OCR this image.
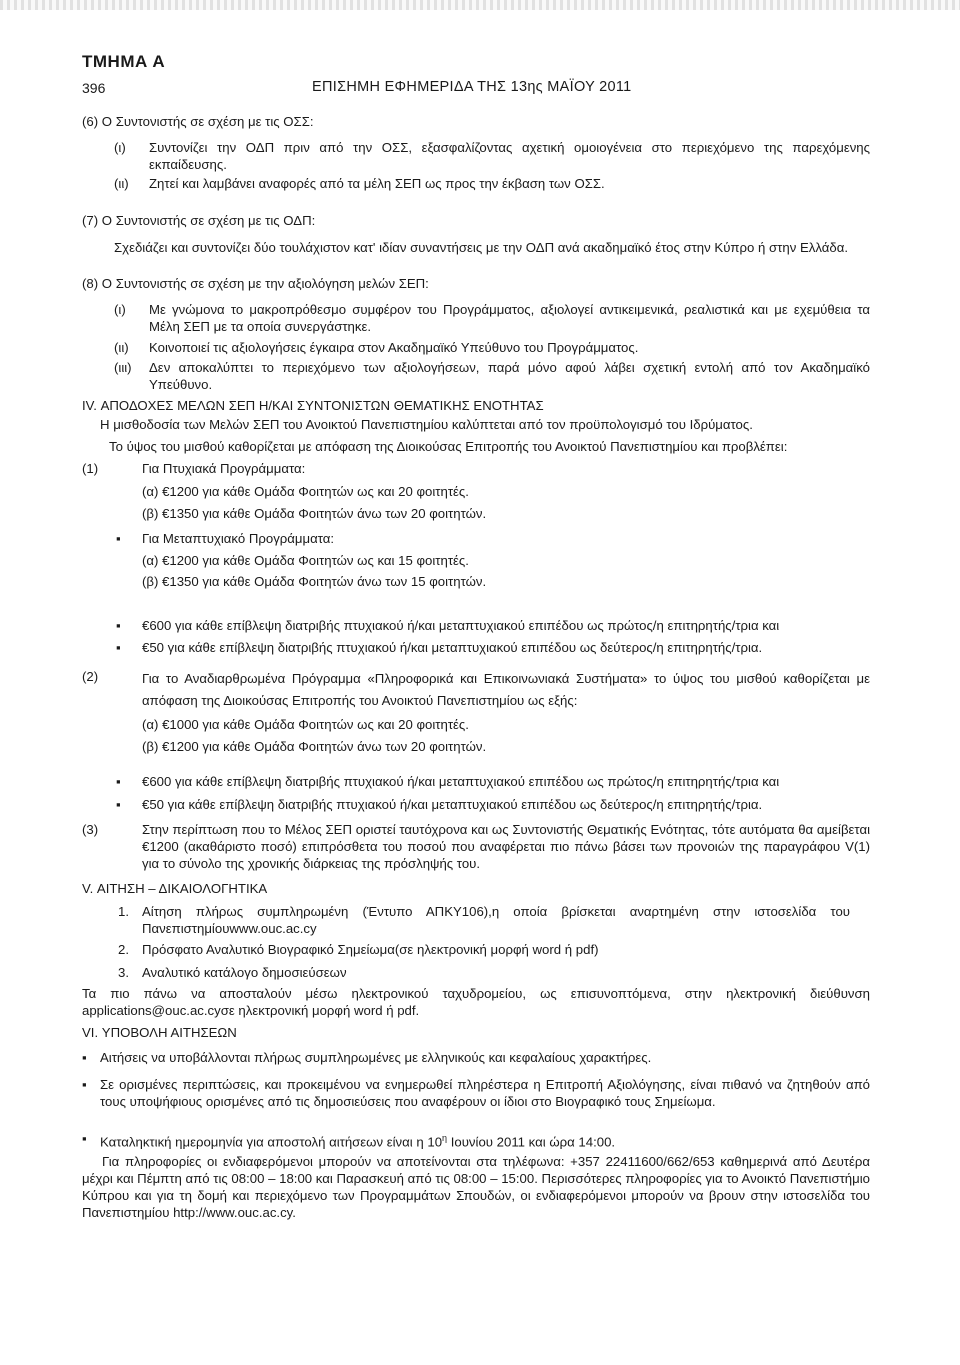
ΤΜΗΜΑ Α
396	ΕΠΙΣΗΜΗ ΕΦΗΜΕΡΙΔΑ ΤΗΣ 13ης ΜΑΪΟΥ 2011
(6) Ο Συντονιστής σε σχέση με τις ΟΣΣ:
(ι) Συντονίζει την ΟΔΠ πριν από την ΟΣΣ, εξασφαλίζοντας αχετική ομοιογένεια στο περιεχόμενο της παρεχόμενης εκπαίδευσης.
(ιι) Ζητεί και λαμβάνει αναφορές από τα μέλη ΣΕΠ ως προς την έκβαση των ΟΣΣ.
(7) Ο Συντονιστής σε σχέση με τις ΟΔΠ:
Σχεδιάζει και συντονίζει δύο τουλάχιστον κατ' ιδίαν συναντήσεις με την ΟΔΠ ανά ακαδημαϊκό έτος στην Κύπρο ή στην Ελλάδα.
(8) Ο Συντονιστής σε σχέση με την αξιολόγηση μελών ΣΕΠ:
(ι) Με γνώμονα το μακροπρόθεσμο συμφέρον του Προγράμματος, αξιολογεί αντικειμενικά, ρεαλιστικά και με εχεμύθεια τα Μέλη ΣΕΠ με τα οποία συνεργάστηκε.
(ιι) Κοινοποιεί τις αξιολογήσεις έγκαιρα στον Ακαδημαϊκό Υπεύθυνο του Προγράμματος.
(ιιι) Δεν αποκαλύπτει το περιεχόμενο των αξιολογήσεων, παρά μόνο αφού λάβει σχετική εντολή από τον Ακαδημαϊκό Υπεύθυνο.
IV. ΑΠΟΔΟΧΕΣ ΜΕΛΩΝ ΣΕΠ Η/ΚΑΙ ΣΥΝΤΟΝΙΣΤΩΝ ΘΕΜΑΤΙΚΗΣ ΕΝΟΤΗΤΑΣ
Η μισθοδοσία των Μελών ΣΕΠ του Ανοικτού Πανεπιστημίου καλύπτεται από τον προϋπολογισμό του Ιδρύματος.
Το ύψος του μισθού καθορίζεται με απόφαση της Διοικούσας Επιτροπής του Ανοικτού Πανεπιστημίου και προβλέπει:
(1)	Για Πτυχιακά Προγράμματα:
(α) €1200 για κάθε Ομάδα Φοιτητών ως και 20 φοιτητές.
(β) €1350 για κάθε Ομάδα Φοιτητών άνω των 20 φοιτητών.
▪ Για Μεταπτυχιακό Προγράμματα:
(α) €1200 για κάθε Ομάδα Φοιτητών ως και 15 φοιτητές.
(β) €1350 για κάθε Ομάδα Φοιτητών άνω των 15 φοιτητών.
▪ €600 για κάθε επίβλεψη διατριβής πτυχιακού ή/και μεταπτυχιακού επιπέδου ως πρώτος/η επιτηρητής/τρια και
▪ €50 για κάθε επίβλεψη διατριβής πτυχιακού ή/και μεταπτυχιακού επιπέδου ως δεύτερος/η επιτηρητής/τρια.
(2)	Για το Αναδιαρθρωμένα Πρόγραμμα «Πληροφορικά και Επικοινωνιακά Συστήματα» το ύψος του μισθού καθορίζεται με απόφαση της Διοικούσας Επιτροπής του Ανοικτού Πανεπιστημίου ως εξής:
(α) €1000 για κάθε Ομάδα Φοιτητών ως και 20 φοιτητές.
(β) €1200 για κάθε Ομάδα Φοιτητών άνω των 20 φοιτητών.
▪ €600 για κάθε επίβλεψη διατριβής πτυχιακού ή/και μεταπτυχιακού επιπέδου ως πρώτος/η επιτηρητής/τρια και
▪ €50 για κάθε επίβλεψη διατριβής πτυχιακού ή/και μεταπτυχιακού επιπέδου ως δεύτερος/η επιτηρητής/τρια.
(3)	Στην περίπτωση που το Μέλος ΣΕΠ οριστεί ταυτόχρονα και ως Συντονιστής Θεματικής Ενότητας, τότε αυτόματα θα αμείβεται €1200 (ακαθάριστο ποσό) επιπρόσθετα του ποσού που αναφέρεται πιο πάνω βάσει των προνοιών της παραγράφου V(1) για το σύνολο της χρονικής διάρκειας της πρόσληψής του.
V. ΑΙΤΗΣΗ – ΔΙΚΑΙΟΛΟΓΗΤΙΚΑ
1. Αίτηση πλήρως συμπληρωμένη (Έντυπο ΑΠΚΥ106),η οποία βρίσκεται αναρτημένη στην ιστοσελίδα του Πανεπιστημίουwww.ouc.ac.cy
2. Πρόσφατο Αναλυτικό Βιογραφικό Σημείωμα(σε ηλεκτρονική μορφή word ή pdf)
3. Αναλυτικό κατάλογο δημοσιεύσεων
Τα πιο πάνω να αποσταλούν μέσω ηλεκτρονικού ταχυδρομείου, ως επισυνοπτόμενα, στην ηλεκτρονική διεύθυνση applications@ouc.ac.cyσε ηλεκτρονική μορφή word ή pdf.
VI. ΥΠΟΒΟΛΗ ΑΙΤΗΣΕΩΝ
▪ Αιτήσεις να υποβάλλονται πλήρως συμπληρωμένες με ελληνικούς και κεφαλαίους χαρακτήρες.
▪ Σε ορισμένες περιπτώσεις, και προκειμένου να ενημερωθεί πληρέστερα η Επιτροπή Αξιολόγησης, είναι πιθανό να ζητηθούν από τους υποψήφιους ορισμένες από τις δημοσιεύσεις που αναφέρουν οι ίδιοι στο Βιογραφικό τους Σημείωμα.
▪ Καταληκτική ημερομηνία για αποστολή αιτήσεων είναι η $10^\eta$ Ιουνίου 2011 και ώρα 14:00.
Για πληροφορίες οι ενδιαφερόμενοι μπορούν να αποτείνονται στα τηλέφωνα: +357 22411600/662/653 καθημερινά από Δευτέρα μέχρι και Πέμπτη από τις 08:00 – 18:00 και Παρασκευή από τις 08:00 – 15:00. Περισσότερες πληροφορίες για το Ανοικτό Πανεπιστήμιο Κύπρου και για τη δομή και περιεχόμενο των Προγραμμάτων Σπουδών, οι ενδιαφερόμενοι μπορούν να βρουν στην ιστοσελίδα του Πανεπιστημίου http://www.ouc.ac.cy.
